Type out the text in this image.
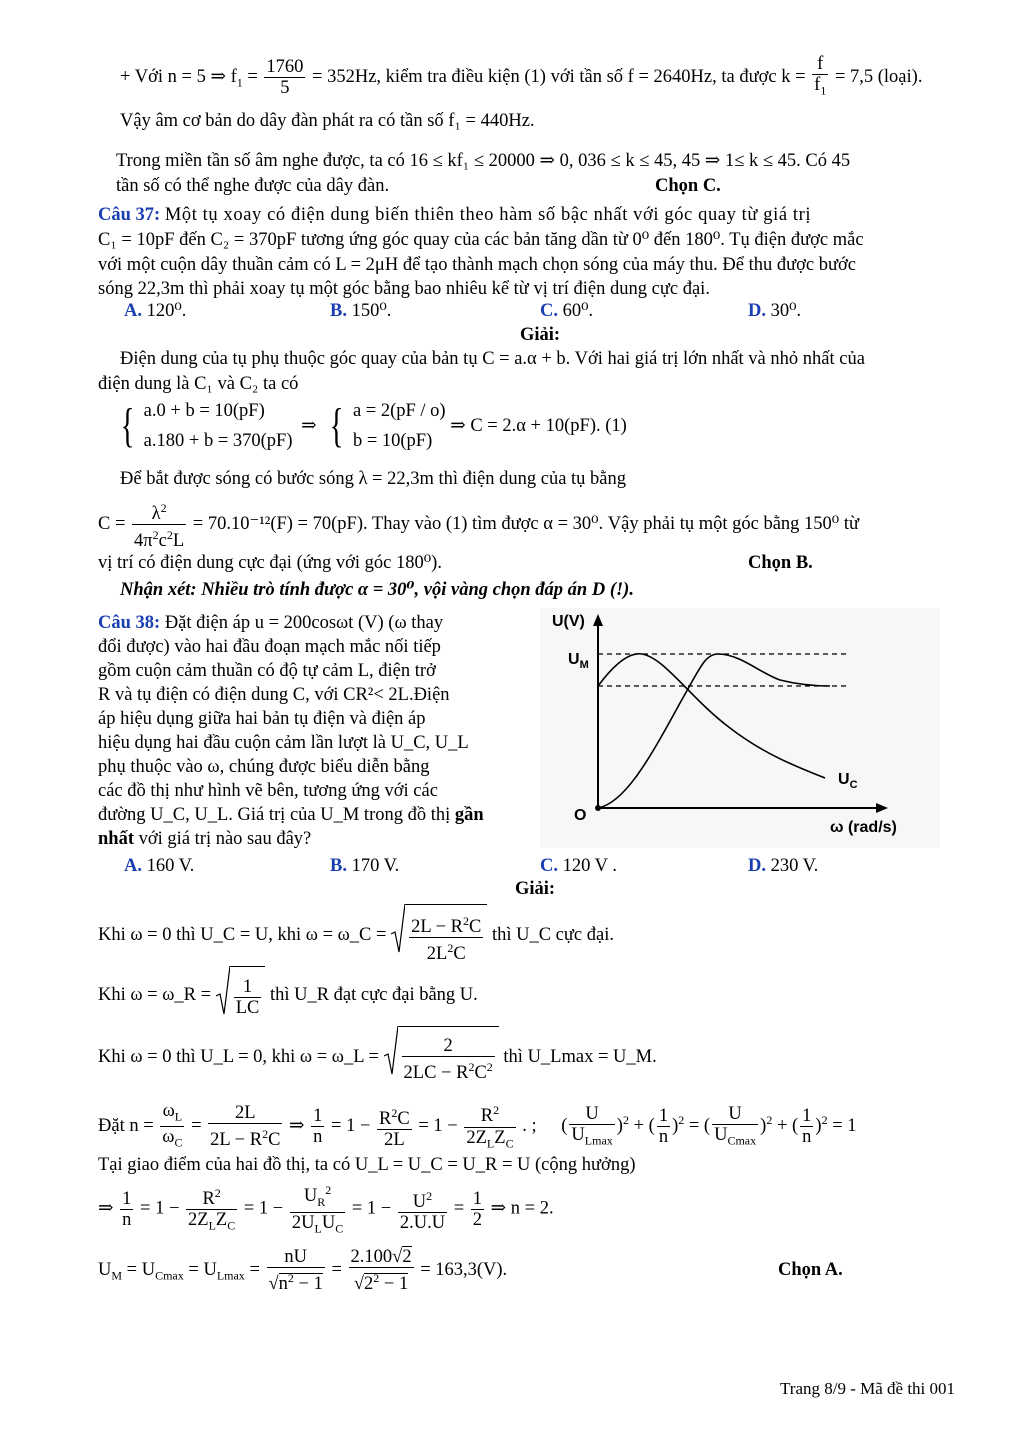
+ Với n = 5 ⇒ $f_1 = \frac{1760}{5} = 352Hz$, kiểm tra điều kiện (1) với tần số f = 2640Hz, ta được $k = \frac{f}{f_1} = 7,5$ (loại).
Vậy âm cơ bản do dây đàn phát ra có tần số f₁ = 440Hz.
Trong miền tần số âm nghe được, ta có 16 ≤ kf₁ ≤ 20000 ⇒ 0, 036 ≤ k ≤ 45, 45 ⇒ 1≤ k ≤ 45. Có 45
tần số có thể nghe được của dây đàn.	Chọn C.
Câu 37: Một tụ xoay có điện dung biến thiên theo hàm số bậc nhất với góc quay từ giá trị
C₁ = 10pF đến C₂ = 370pF tương ứng góc quay của các bản tăng dần từ 0⁰ đến 180⁰. Tụ điện được mắc
với một cuộn dây thuần cảm có L = 2μH để tạo thành mạch chọn sóng của máy thu. Để thu được bước
sóng 22,3m thì phải xoay tụ một góc bằng bao nhiêu kể từ vị trí điện dung cực đại.
A. 120⁰.	B. 150⁰.	C. 60⁰.	D. 30⁰.
Giải:
Điện dung của tụ phụ thuộc góc quay của bản tụ C = a.α + b. Với hai giá trị lớn nhất và nhỏ nhất của
điện dung là C₁ và C₂ ta có
{ a.0 + b = 10(pF)
a.180 + b = 370(pF)
⇒ { a = 2(pF / o)
b = 10(pF)
⇒ C = 2.α + 10(pF). (1)
Để bắt được sóng có bước sóng λ = 22,3m thì điện dung của tụ bằng
$C = \frac{\lambda^2}{4\pi^2c^2L} = 70.10^{-12}(F) = 70(pF)$. Thay vào (1) tìm được α = 30⁰. Vậy phải tụ một góc bằng 150⁰ từ
vị trí có điện dung cực đại (ứng với góc 180⁰).	Chọn B.
Nhận xét: Nhiều trò tính được α = 30⁰, vội vàng chọn đáp án D (!).
Câu 38: Đặt điện áp u = 200cosωt (V) (ω thay
đổi được) vào hai đầu đoạn mạch mắc nối tiếp
gồm cuộn cảm thuần có độ tự cảm L, điện trở
R và tụ điện có điện dung C, với CR²< 2L.Điện
áp hiệu dụng giữa hai bản tụ điện và điện áp
hiệu dụng hai đầu cuộn cảm lần lượt là U_C, U_L
phụ thuộc vào ω, chúng được biểu diễn bằng
các đồ thị như hình vẽ bên, tương ứng với các
đường U_C, U_L. Giá trị của U_M trong đồ thị gần
nhất với giá trị nào sau đây?
U(V)
$U_M$
$U_C$
O
ω (rad/s)
A. 160 V.	B. 170 V.	C. 120 V .	D. 230 V.
Giải:
Khi ω = 0 thì U_C = U, khi ω = ω_C = $\frac{2L - R^2C}{2L^2C}$ thì U_C cực đại.
Khi ω = ω_R = $\frac{1}{LC}$ thì U_R đạt cực đại bằng U.
Khi ω = 0 thì U_L = 0, khi ω = ω_L = $\frac{2}{2LC - R^2C^2}$ thì U_Lmax = U_M.
Đặt $n = \frac{\omega_L}{\omega_C} = \frac{2L}{2L - R^2C}$ ⇒ $\frac{1}{n} = 1 - \frac{R^2C}{2L} = 1 - \frac{R^2}{2Z_LZ_C}$ . ; ( $\frac{U}{U_{Lmax}} )^2$ + ( $\frac{1}{n} )^2$ = ( $\frac{U}{U_{Cmax}} )^2$ + ( $\frac{1}{n} )^2 = 1$
Tại giao điểm của hai đồ thị, ta có U_L = U_C = U_R = U (cộng hưởng)
⇒ $\frac{1}{n} = 1 - \frac{R^2}{2Z_LZ_C} = 1 - \frac{U_R^2}{2U_LU_C} = 1 - \frac{U^2}{2.U.U} = \frac{1}{2}$ ⇒ n = 2.
$U_M = U_{Cmax} = U_{Lmax} = \frac{nU}{√n^2 - 1} = \frac{2.100√2}{√2^2 - 1} = 163,3(V)$.	Chọn A.
Trang 8/9 - Mã đề thi 001
